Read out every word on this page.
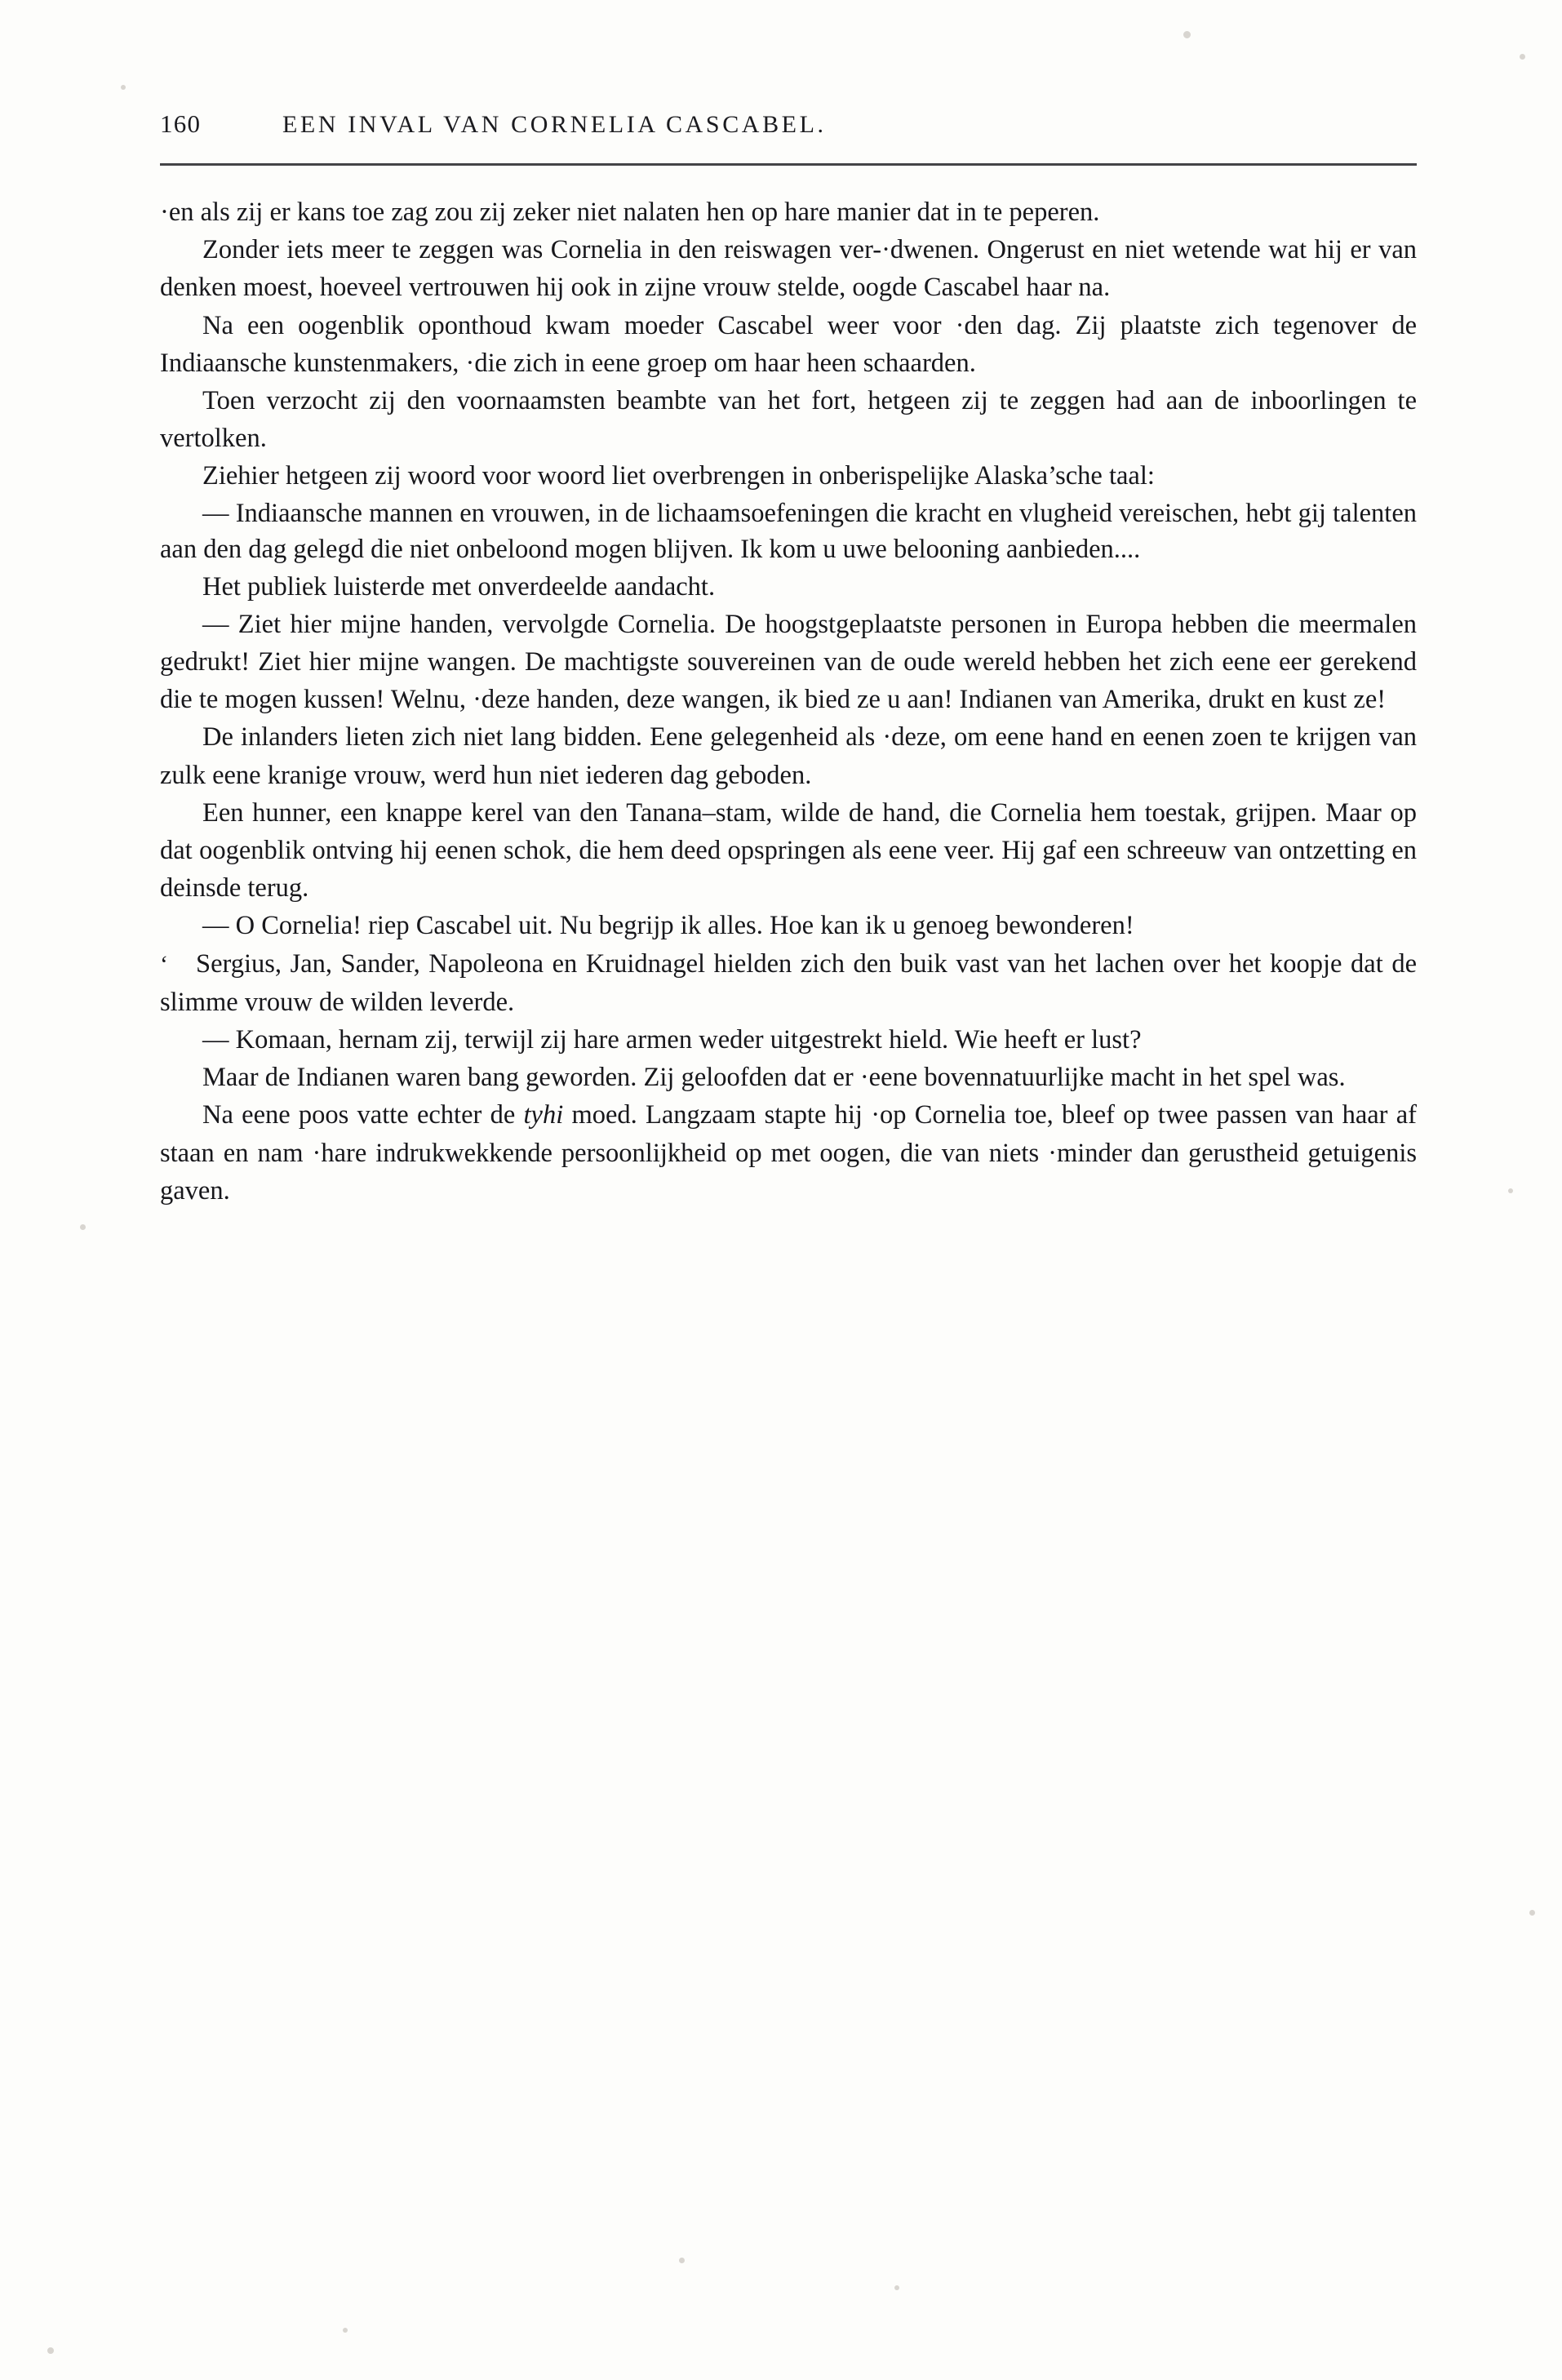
160	EEN INVAL VAN CORNELIA CASCABEL.

·en als zij er kans toe zag zou zij zeker niet nalaten hen op hare manier dat in te peperen.

Zonder iets meer te zeggen was Cornelia in den reiswagen ver-·dwenen. Ongerust en niet wetende wat hij er van denken moest, hoeveel vertrouwen hij ook in zijne vrouw stelde, oogde Cascabel haar na.

Na een oogenblik oponthoud kwam moeder Cascabel weer voor ·den dag. Zij plaatste zich tegenover de Indiaansche kunstenmakers, ·die zich in eene groep om haar heen schaarden.

Toen verzocht zij den voornaamsten beambte van het fort, hetgeen zij te zeggen had aan de inboorlingen te vertolken.

Ziehier hetgeen zij woord voor woord liet overbrengen in onberispelijke Alaska’sche taal:

— Indiaansche mannen en vrouwen, in de lichaamsoefeningen die kracht en vlugheid vereischen, hebt gij talenten aan den dag gelegd die niet onbeloond mogen blijven. Ik kom u uwe belooning aanbieden....

Het publiek luisterde met onverdeelde aandacht.

— Ziet hier mijne handen, vervolgde Cornelia. De hoogstgeplaatste personen in Europa hebben die meermalen gedrukt! Ziet hier mijne wangen. De machtigste souvereinen van de oude wereld hebben het zich eene eer gerekend die te mogen kussen! Welnu, ·deze handen, deze wangen, ik bied ze u aan! Indianen van Amerika, drukt en kust ze!

De inlanders lieten zich niet lang bidden. Eene gelegenheid als ·deze, om eene hand en eenen zoen te krijgen van zulk eene kranige vrouw, werd hun niet iederen dag geboden.

Een hunner, een knappe kerel van den Tanana–stam, wilde de hand, die Cornelia hem toestak, grijpen. Maar op dat oogenblik ontving hij eenen schok, die hem deed opspringen als eene veer. Hij gaf een schreeuw van ontzetting en deinsde terug.

— O Cornelia! riep Cascabel uit. Nu begrijp ik alles. Hoe kan ik u genoeg bewonderen!

‘ Sergius, Jan, Sander, Napoleona en Kruidnagel hielden zich den buik vast van het lachen over het koopje dat de slimme vrouw de wilden leverde.

— Komaan, hernam zij, terwijl zij hare armen weder uitgestrekt hield. Wie heeft er lust?

Maar de Indianen waren bang geworden. Zij geloofden dat er ·eene bovennatuurlijke macht in het spel was.

Na eene poos vatte echter de tyhi moed. Langzaam stapte hij ·op Cornelia toe, bleef op twee passen van haar af staan en nam ·hare indrukwekkende persoonlijkheid op met oogen, die van niets ·minder dan gerustheid getuigenis gaven.
